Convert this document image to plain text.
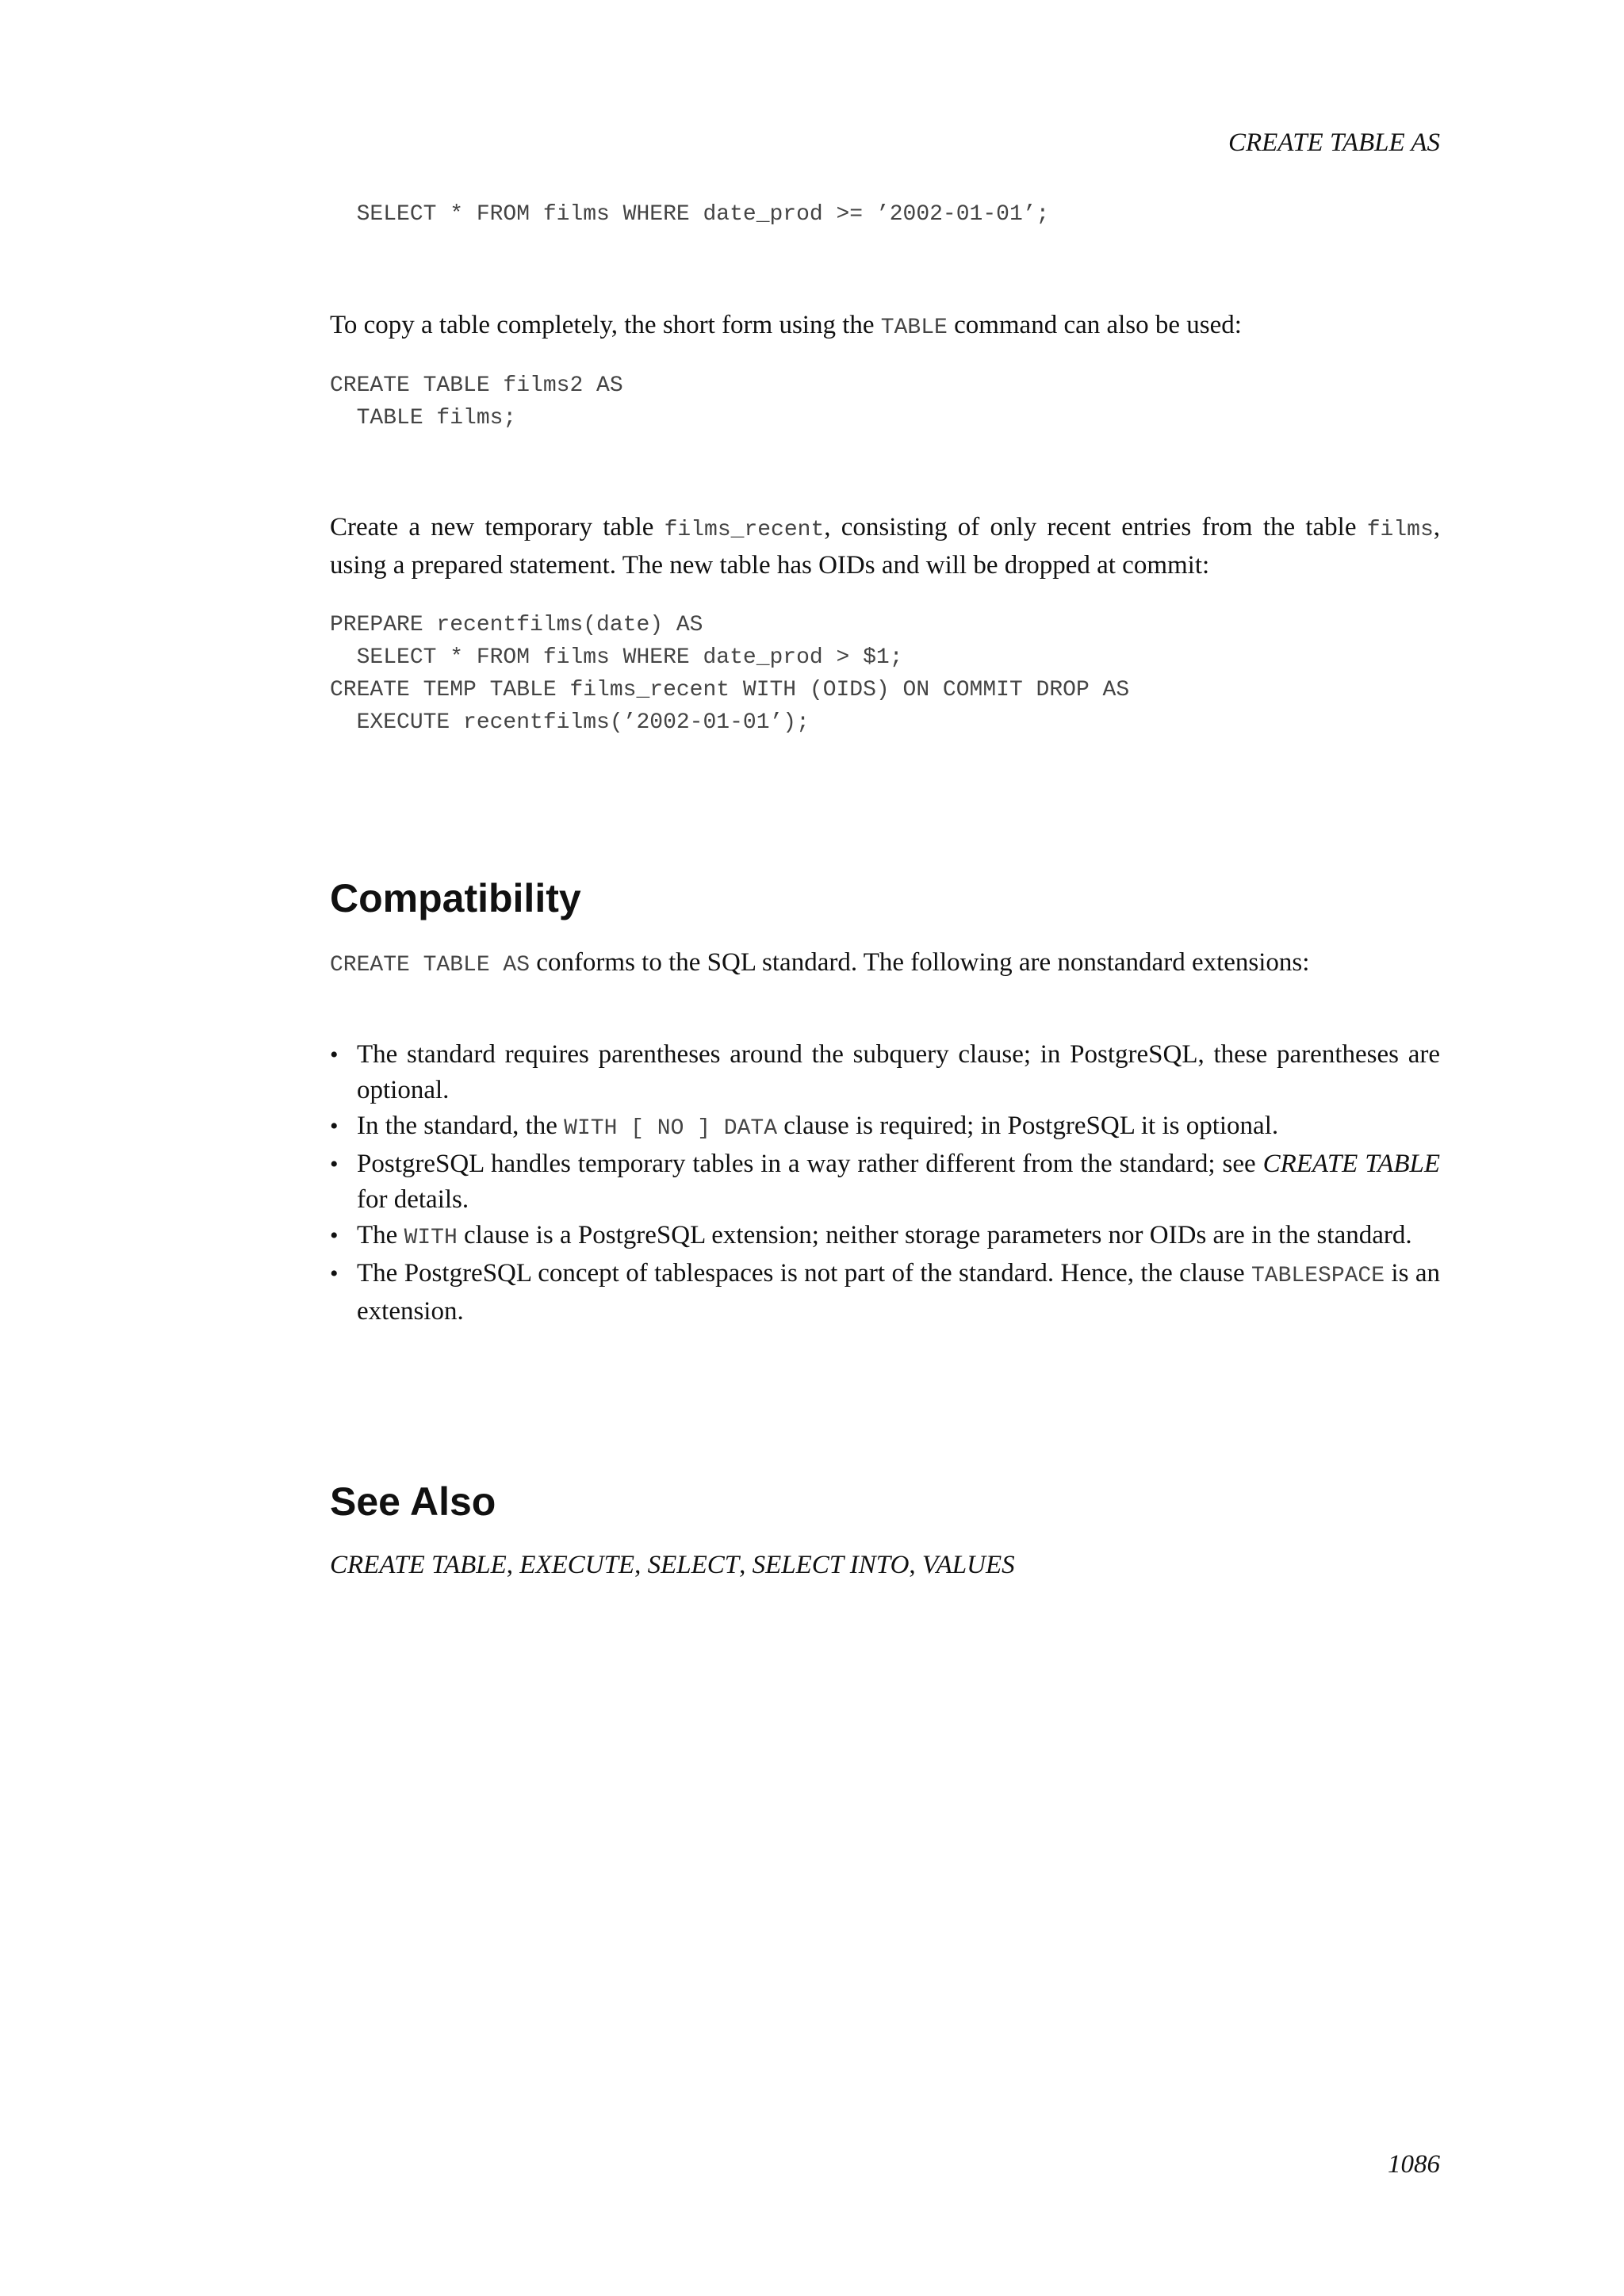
CREATE TABLE AS
SELECT * FROM films WHERE date_prod >= ’2002-01-01’;

To copy a table completely, the short form using the TABLE command can also be used:

CREATE TABLE films2 AS
TABLE films;

Create a new temporary table films_recent, consisting of only recent entries from the table films, using a prepared statement. The new table has OIDs and will be dropped at commit:

PREPARE recentfilms(date) AS
SELECT * FROM films WHERE date_prod > $1;
CREATE TEMP TABLE films_recent WITH (OIDS) ON COMMIT DROP AS
EXECUTE recentfilms(’2002-01-01’);
Compatibility

CREATE TABLE AS conforms to the SQL standard. The following are nonstandard extensions:

• The standard requires parentheses around the subquery clause; in PostgreSQL, these parentheses are optional.
• In the standard, the WITH [ NO ] DATA clause is required; in PostgreSQL it is optional.
• PostgreSQL handles temporary tables in a way rather different from the standard; see CREATE TABLE for details.
• The WITH clause is a PostgreSQL extension; neither storage parameters nor OIDs are in the standard.
• The PostgreSQL concept of tablespaces is not part of the standard. Hence, the clause TABLESPACE is an extension.
See Also

CREATE TABLE, EXECUTE, SELECT, SELECT INTO, VALUES

1086
